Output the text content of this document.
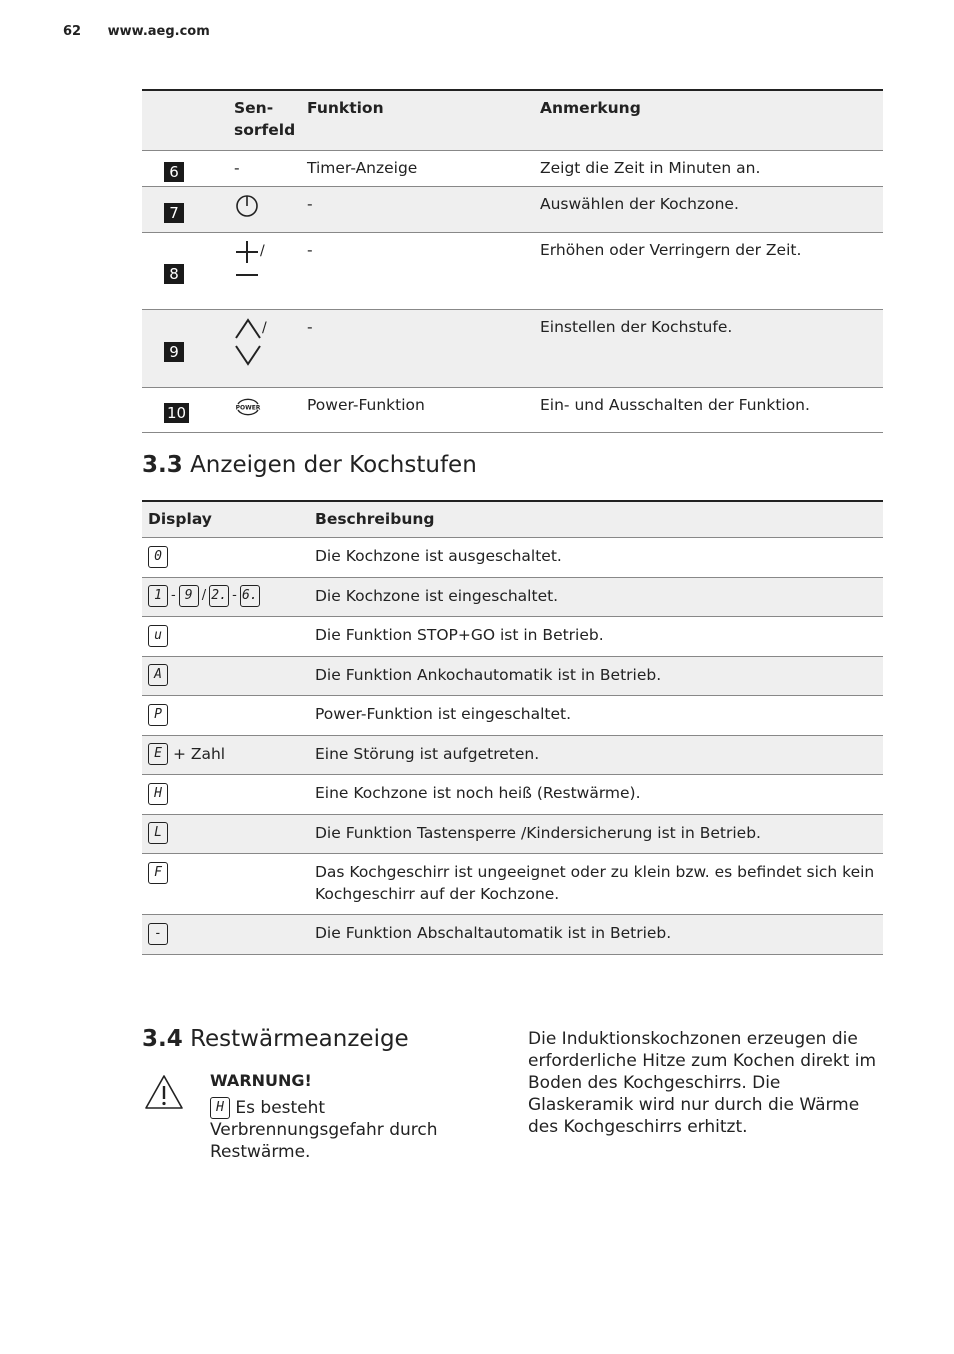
62 www.aeg.com
	Sen-
sorfeld	Funktion	Anmerkung
6	-	Timer-Anzeige	Zeigt die Zeit in Minuten an.
7		-	Auswählen der Kochzone.
8	/	-	Erhöhen oder Verringern der Zeit.
9	/	-	Einstellen der Kochstufe.
10	POWER	Power-Funktion	Ein- und Ausschalten der Funktion.
3.3 Anzeigen der Kochstufen
Display	Beschreibung
0	Die Kochzone ist ausgeschaltet.
1 - 9 / 2. - 6.	Die Kochzone ist eingeschaltet.
u	Die Funktion STOP+GO ist in Betrieb.
A	Die Funktion Ankochautomatik ist in Betrieb.
P	Power-Funktion ist eingeschaltet.
E + Zahl	Eine Störung ist aufgetreten.
H	Eine Kochzone ist noch heiß (Restwärme).
L	Die Funktion Tastensperre /Kindersicherung ist in Betrieb.
F	Das Kochgeschirr ist ungeeignet oder zu klein bzw. es befindet sich kein Kochgeschirr auf der Kochzone.
-	Die Funktion Abschaltautomatik ist in Betrieb.
3.4 Restwärmeanzeige
WARNUNG!
H Es besteht Verbrennungsgefahr durch Restwärme.
Die Induktionskochzonen erzeugen die erforderliche Hitze zum Kochen direkt im Boden des Kochgeschirrs. Die Glaskeramik wird nur durch die Wärme des Kochgeschirrs erhitzt.
